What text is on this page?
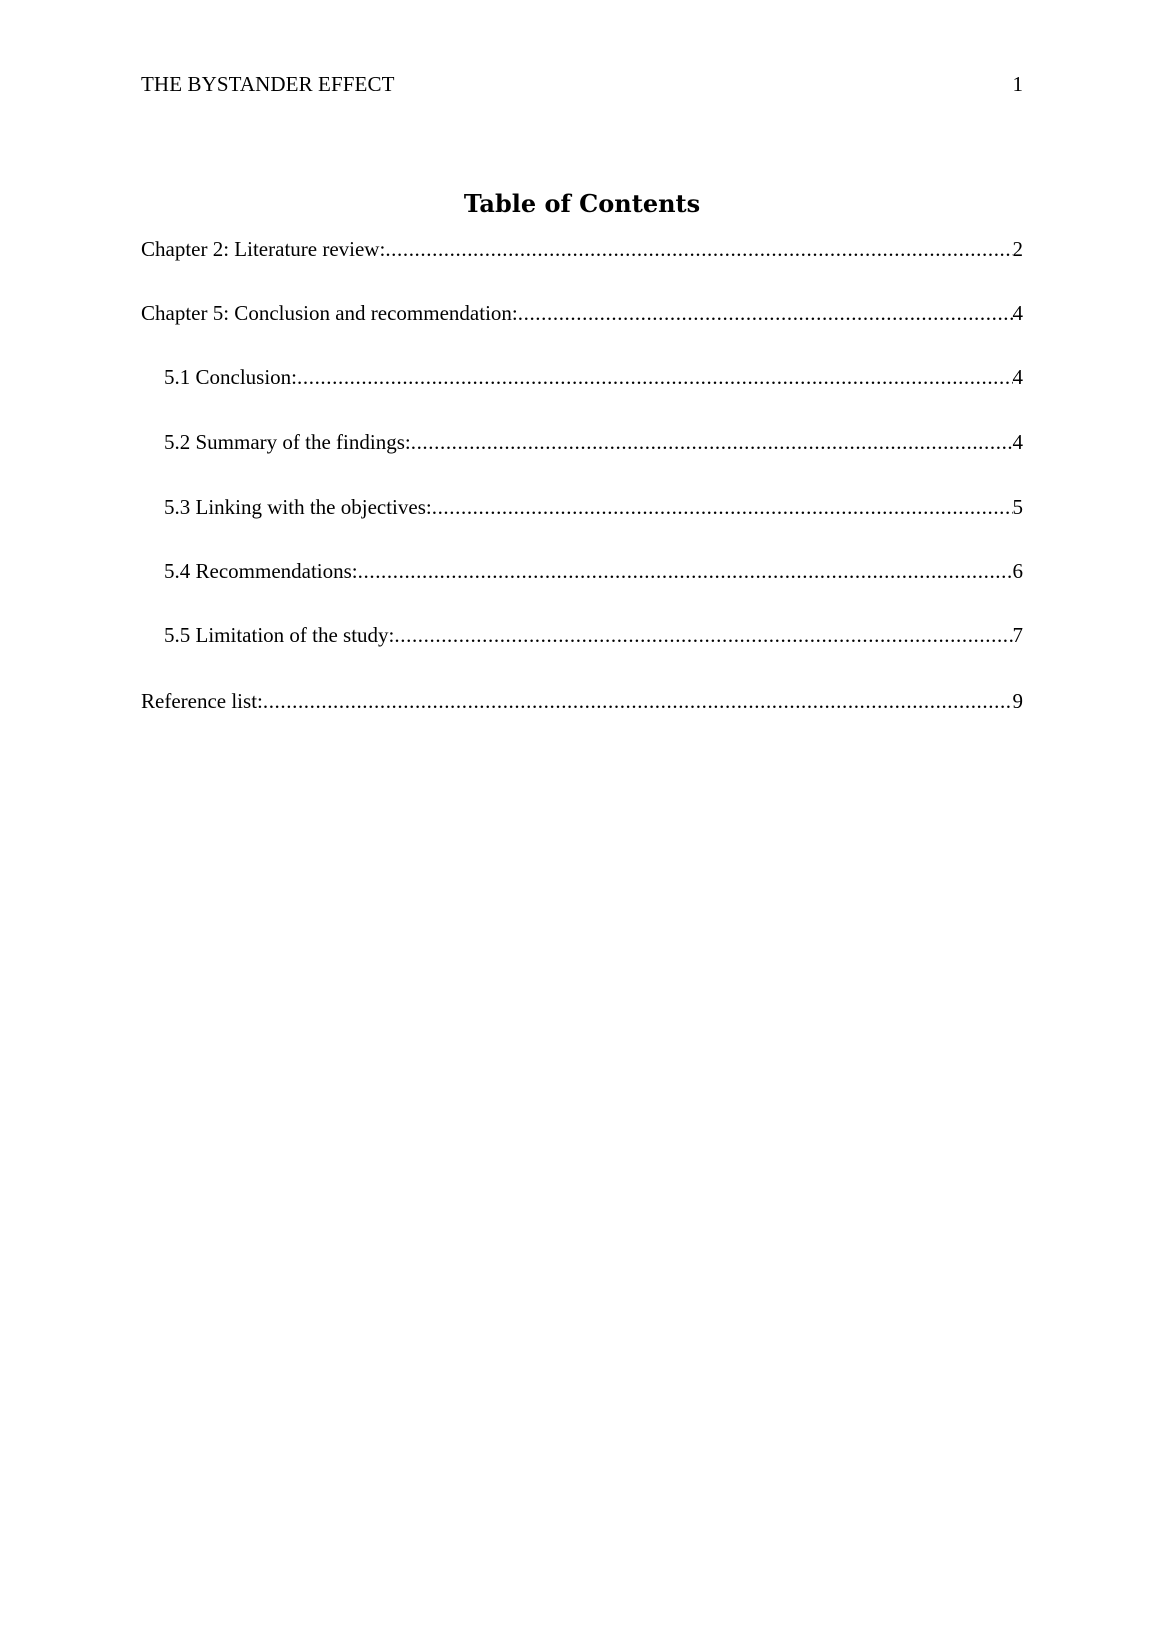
THE BYSTANDER EFFECT	1
Table of Contents
Chapter 2: Literature review: .....	2
Chapter 5: Conclusion and recommendation: .....	4
5.1 Conclusion: .....	4
5.2 Summary of the findings: .....	4
5.3 Linking with the objectives: .....	5
5.4 Recommendations: .....	6
5.5 Limitation of the study: .....	7
Reference list: .....	9
